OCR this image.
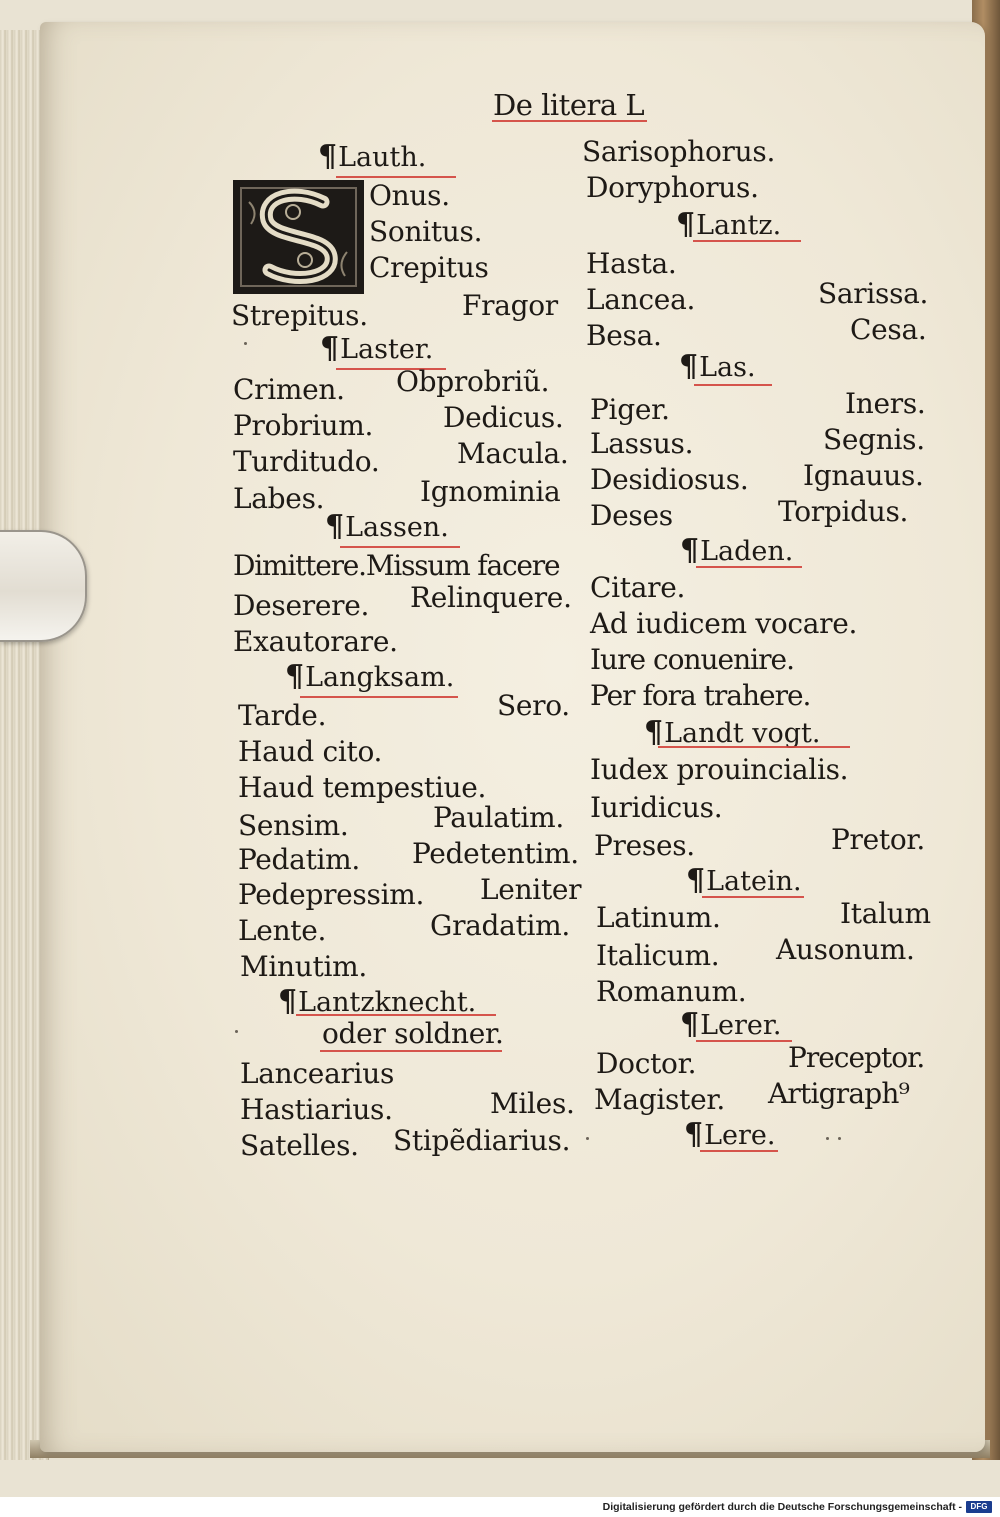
De litera L
¶Lauth.
Onus.
Sonitus.
Crepitus
Strepitus.	Fragor
¶Laster.
Crimen. Obprobriũ.
Probrium. Dedicus.
Turditudo.	Macula.
Labes.	Ignominia
¶Lassen.
Dimittere.Missum facere
Deserere. Relinquere.
Exautorare.
¶Langksam.
Tarde.	Sero.
Haud cito.
Haud tempestiue.
Sensim.	Paulatim.
Pedatim. Pedetentim.
Pedepressim. Leniter
Lente.	Gradatim.
Minutim.
¶Lantzknecht.
oder soldner.
Lancearius
Hastiarius.	Miles.
Satelles. Stipẽdiarius.
Sarisophorus.
Doryphorus.
¶Lantz.
Hasta.
Lancea.	Sarissa.
Besa.	Cesa.
¶Las.
Piger.	Iners.
Lassus.	Segnis.
Desidiosus. Ignauus.
Deses	Torpidus.
¶Laden.
Citare.
Ad iudicem vocare.
Iure conuenire.
Per fora trahere.
¶Landt vogt.
Iudex prouincialis.
Iuridicus.
Preses.	Pretor.
¶Latein.
Latinum.	Italum
Italicum. Ausonum.
Romanum.
¶Lerer.
Doctor.	Preceptor.
Magister. Artigraph⁹
¶Lere.
Digitalisierung gefördert durch die Deutsche Forschungsgemeinschaft -	DFG
